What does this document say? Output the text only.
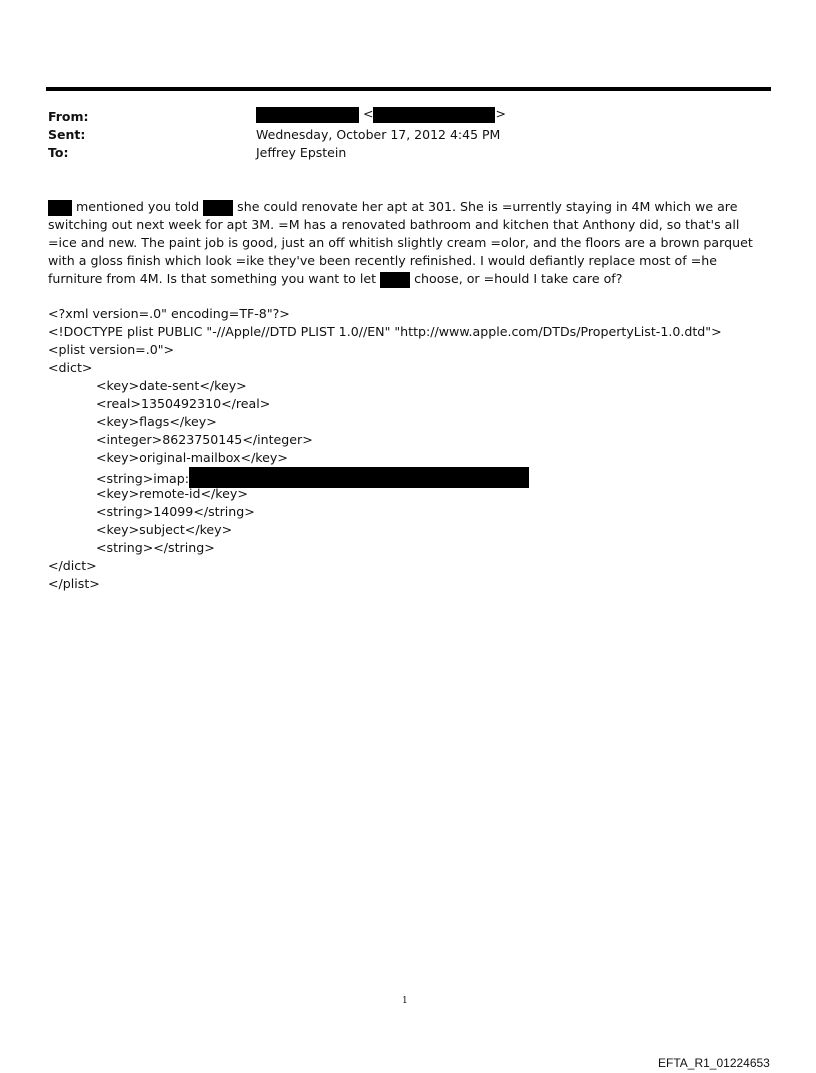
From:
Sent:
To:
<	>
Wednesday, October 17, 2012 4:45 PM
Jeffrey Epstein
mentioned you told  she could renovate her apt at 301. She is =urrently staying in 4M which we are switching out next week for apt 3M. =M has a renovated bathroom and kitchen that Anthony did, so that's all =ice and new. The paint job is good, just an off whitish slightly cream =olor, and the floors are a brown parquet with a gloss finish which look =ike they've been recently refinished. I would defiantly replace most of =he furniture from 4M. Is that something you want to let  choose, or =hould I take care of?
<?xml version=.0" encoding=TF-8"?>
<!DOCTYPE plist PUBLIC "-//Apple//DTD PLIST 1.0//EN" "http://www.apple.com/DTDs/PropertyList-1.0.dtd">
<plist version=.0">
<dict>
<key>date-sent</key>
<real>1350492310</real>
<key>flags</key>
<integer>8623750145</integer>
<key>original-mailbox</key>
<string>imap:
<key>remote-id</key>
<string>14099</string>
<key>subject</key>
<string></string>
</dict>
</plist>
1
EFTA_R1_01224653
